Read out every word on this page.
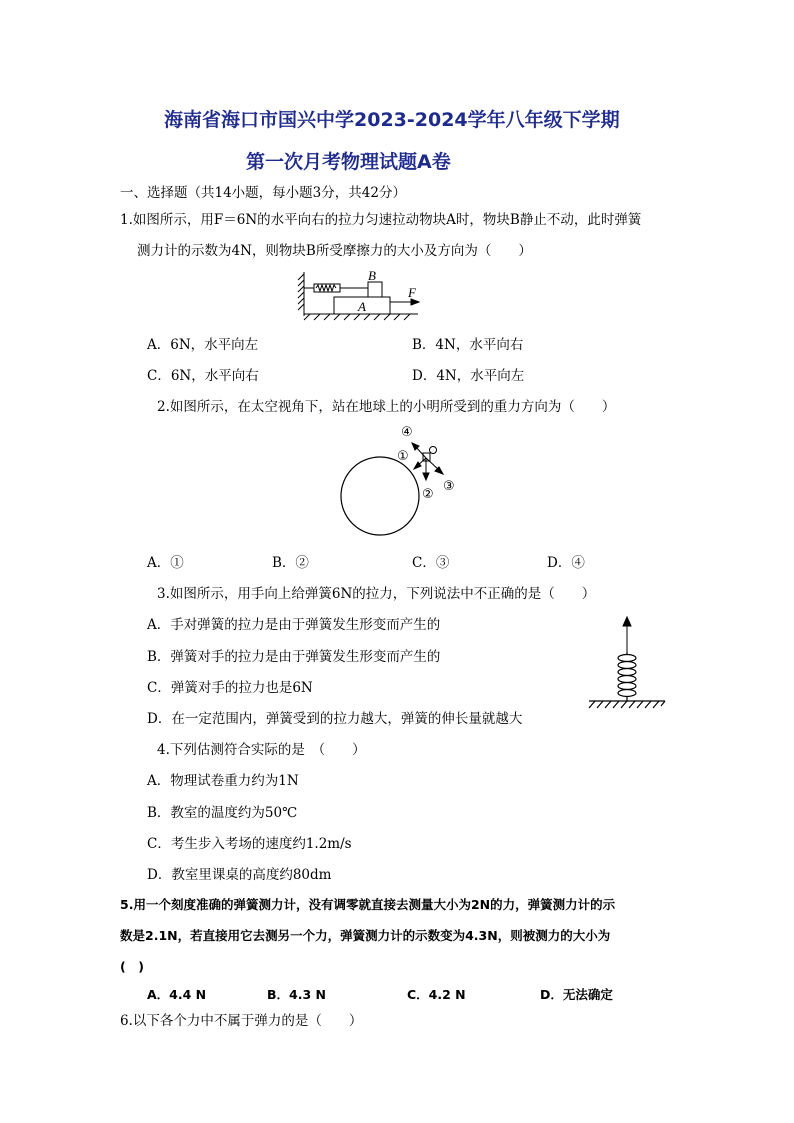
海南省海口市国兴中学2023-2024学年八年级下学期
第一次月考物理试题A卷
一、选择题（共14小题，每小题3分，共42分）
1.如图所示，用F＝6N的水平向右的拉力匀速拉动物块A时，物块B静止不动，此时弹簧
测力计的示数为4N，则物块B所受摩擦力的大小及方向为（　　）
B
A
F
A．6N，水平向左	B．4N，水平向右
C．6N，水平向右	D．4N，水平向左
2.如图所示，在太空视角下，站在地球上的小明所受到的重力方向为（　　）
④
①
②
③
A．①	B．②	C．③	D．④
3.如图所示，用手向上给弹簧6N的拉力，下列说法中不正确的是（　　）
A．手对弹簧的拉力是由于弹簧发生形变而产生的
B．弹簧对手的拉力是由于弹簧发生形变而产生的
C．弹簧对手的拉力也是6N
D．在一定范围内，弹簧受到的拉力越大，弹簧的伸长量就越大
4.下列估测符合实际的是　（　　）
A．物理试卷重力约为1N
B．教室的温度约为50℃
C．考生步入考场的速度约1.2m/s
D．教室里课桌的高度约80dm
5.用一个刻度准确的弹簧测力计，没有调零就直接去测量大小为2N的力，弹簧测力计的示
数是2.1N，若直接用它去测另一个力，弹簧测力计的示数变为4.3N，则被测力的大小为
(　)
A．4.4 N	B．4.3 N	C．4.2 N	D．无法确定
6.以下各个力中不属于弹力的是（　　）
